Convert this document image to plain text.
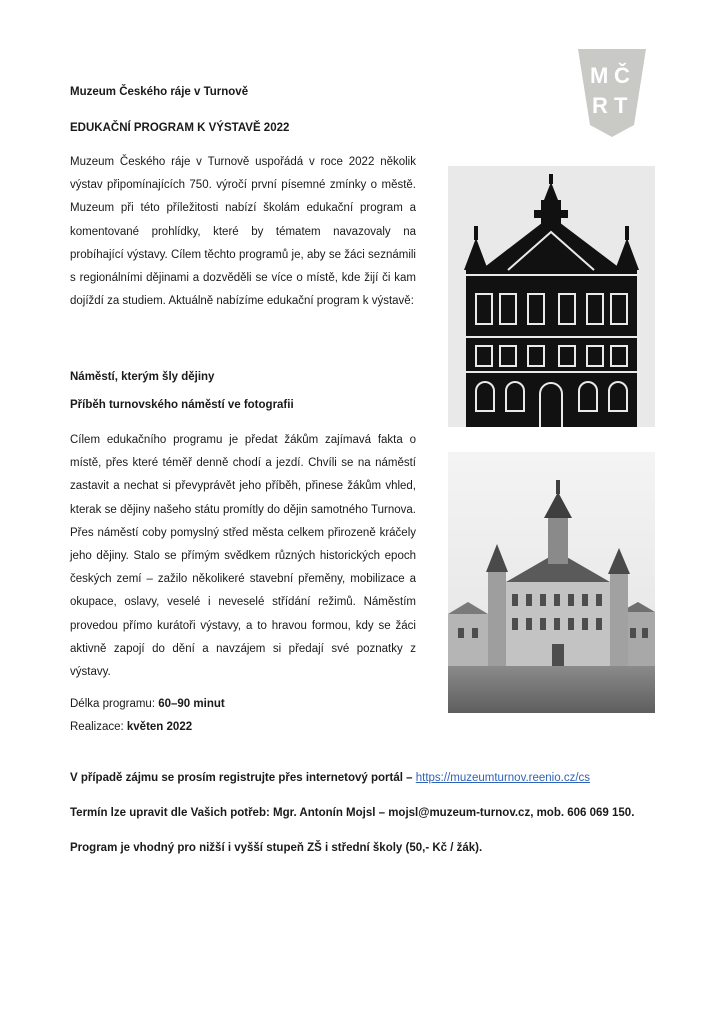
M Č
R T
Muzeum Českého ráje v Turnově
EDUKAČNÍ PROGRAM K VÝSTAVĚ 2022
Muzeum Českého ráje v Turnově uspořádá v roce 2022 několik výstav připomínajících 750. výročí první písemné zmínky o městě. Muzeum při této příležitosti nabízí školám edukační program a komentované prohlídky, které by tématem navazovaly na probíhající výstavy. Cílem těchto programů je, aby se žáci seznámili s regionálními dějinami a dozvěděli se více o místě, kde žijí či kam dojíždí za studiem. Aktuálně nabízíme edukační program k výstavě:
Náměstí, kterým šly dějiny
Příběh turnovského náměstí ve fotografii
Cílem edukačního programu je předat žákům zajímavá fakta o místě, přes které téměř denně chodí a jezdí. Chvíli se na náměstí zastavit a nechat si převyprávět jeho příběh, přinese žákům vhled, kterak se dějiny našeho státu promítly do dějin samotného Turnova. Přes náměstí coby pomyslný střed města celkem přirozeně kráčely jeho dějiny. Stalo se přímým svědkem různých historických epoch českých zemí – zažilo několikeré stavební přeměny, mobilizace a okupace, oslavy, veselé i neveselé střídání režimů. Náměstím provedou přímo kurátoři výstavy, a to hravou formou, kdy se žáci aktivně zapojí do dění a navzájem si předají své poznatky z výstavy.
Délka programu: 60–90 minut
Realizace: květen 2022
V případě zájmu se prosím registrujte přes internetový portál – https://muzeumturnov.reenio.cz/cs
Termín lze upravit dle Vašich potřeb: Mgr. Antonín Mojsl – mojsl@muzeum-turnov.cz, mob. 606 069 150.
Program je vhodný pro nižší i vyšší stupeň ZŠ i střední školy (50,- Kč / žák).
